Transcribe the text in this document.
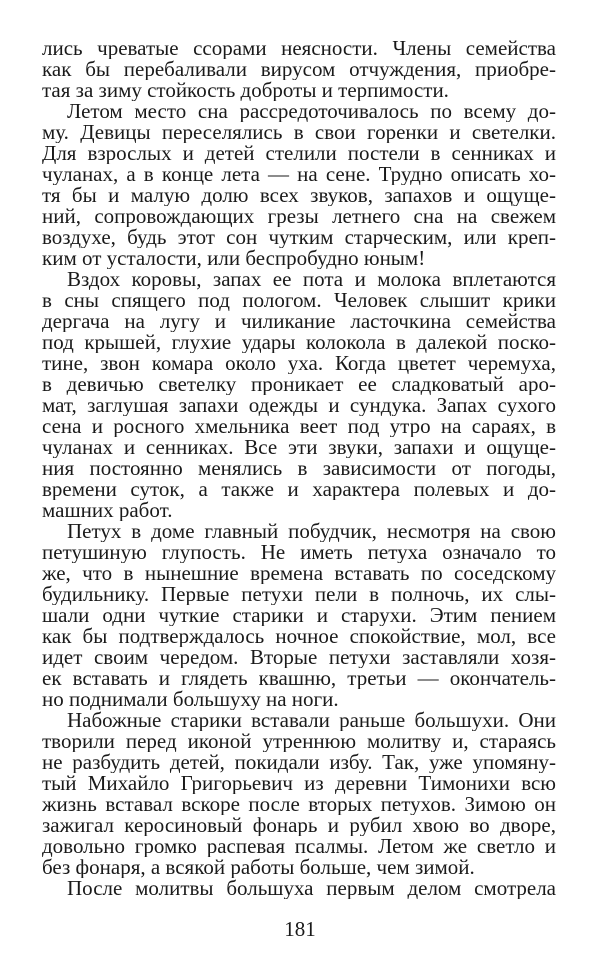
лись чреватые ссорами неясности. Члены семейства
как бы перебаливали вирусом отчуждения, приобре-
тая за зиму стойкость доброты и терпимости.
Летом место сна рассредоточивалось по всему до-
му. Девицы переселялись в свои горенки и светелки.
Для взрослых и детей стелили постели в сенниках и
чуланах, а в конце лета — на сене. Трудно описать хо-
тя бы и малую долю всех звуков, запахов и ощуще-
ний, сопровождающих грезы летнего сна на свежем
воздухе, будь этот сон чутким старческим, или креп-
ким от усталости, или беспробудно юным!
Вздох коровы, запах ее пота и молока вплетаются
в сны спящего под пологом. Человек слышит крики
дергача на лугу и чиликание ласточкина семейства
под крышей, глухие удары колокола в далекой поско-
тине, звон комара около уха. Когда цветет черемуха,
в девичью светелку проникает ее сладковатый аро-
мат, заглушая запахи одежды и сундука. Запах сухого
сена и росного хмельника веет под утро на сараях, в
чуланах и сенниках. Все эти звуки, запахи и ощуще-
ния постоянно менялись в зависимости от погоды,
времени суток, а также и характера полевых и до-
машних работ.
Петух в доме главный побудчик, несмотря на свою
петушиную глупость. Не иметь петуха означало то
же, что в нынешние времена вставать по соседскому
будильнику. Первые петухи пели в полночь, их слы-
шали одни чуткие старики и старухи. Этим пением
как бы подтверждалось ночное спокойствие, мол, все
идет своим чередом. Вторые петухи заставляли хозя-
ек вставать и глядеть квашню, третьи — окончатель-
но поднимали большуху на ноги.
Набожные старики вставали раньше большухи. Они
творили перед иконой утреннюю молитву и, стараясь
не разбудить детей, покидали избу. Так, уже упомяну-
тый Михайло Григорьевич из деревни Тимонихи всю
жизнь вставал вскоре после вторых петухов. Зимою он
зажигал керосиновый фонарь и рубил хвою во дворе,
довольно громко распевая псалмы. Летом же светло и
без фонаря, а всякой работы больше, чем зимой.
После молитвы большуха первым делом смотрела
181
